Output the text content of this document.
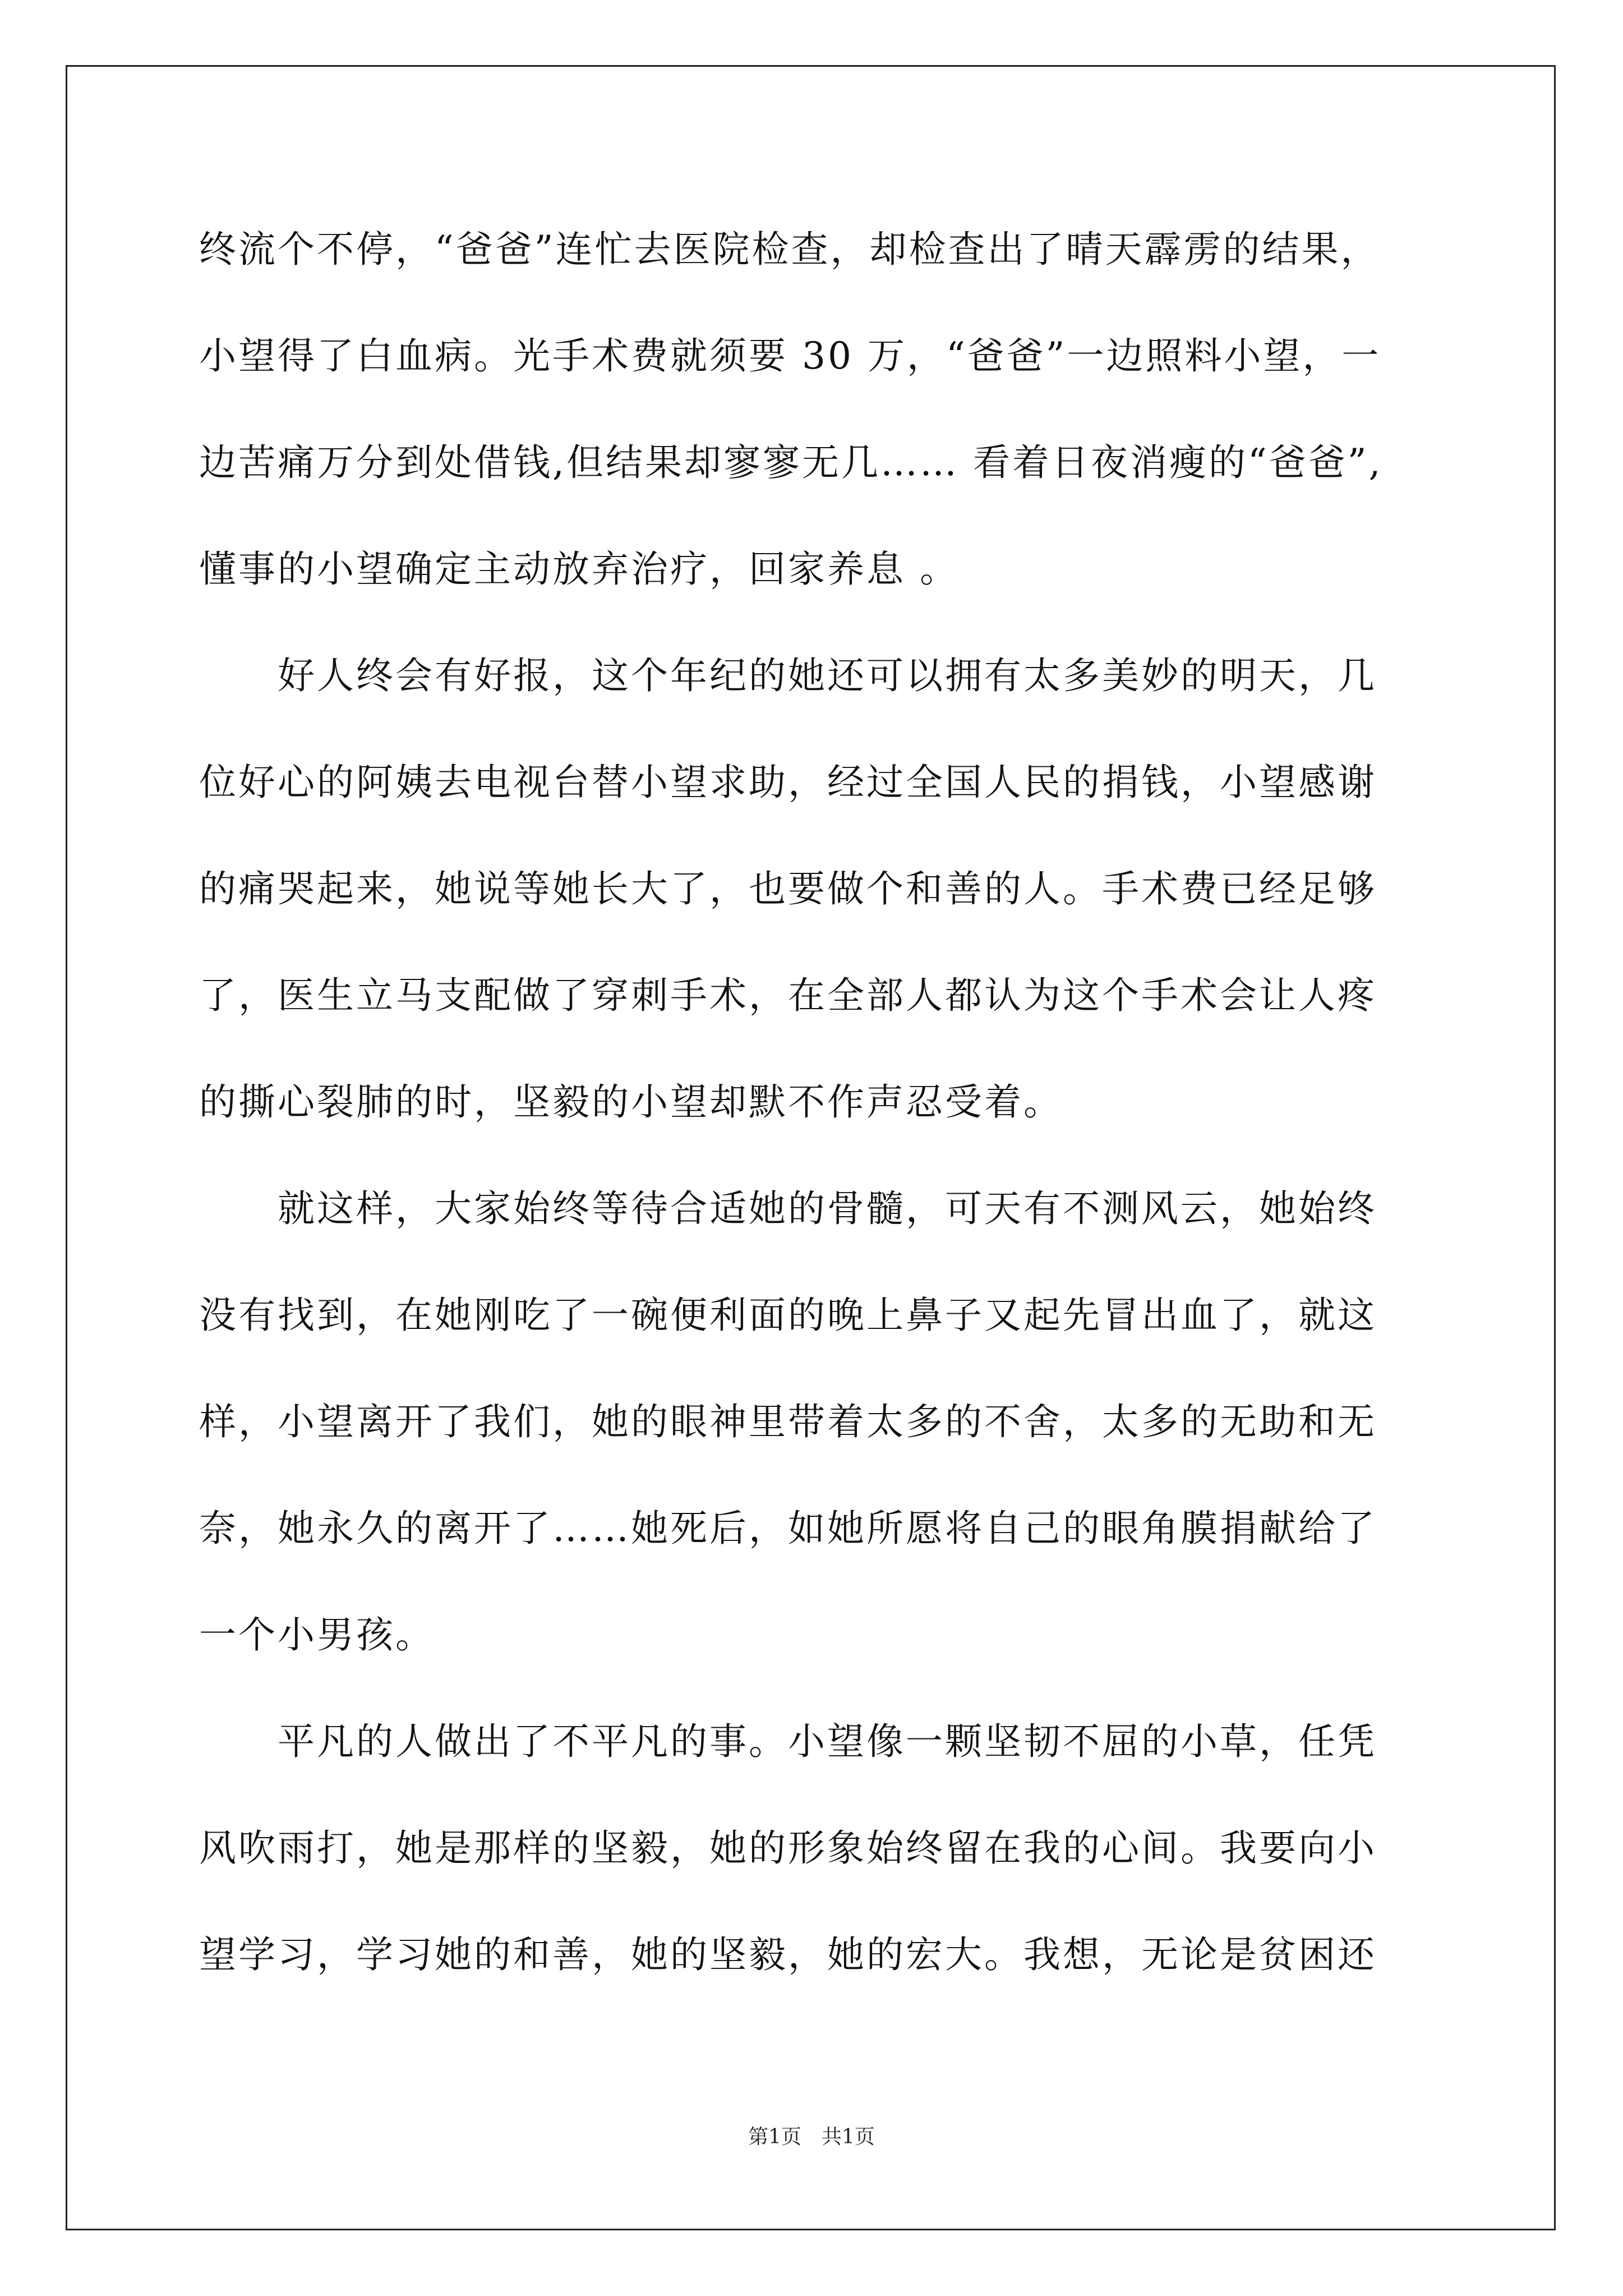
终流个不停，“爸爸”连忙去医院检查，却检查出了晴天霹雳的结果，
小望得了白血病。光手术费就须要 30 万，“爸爸”一边照料小望，一
边苦痛万分到处借钱,但结果却寥寥无几…… 看着日夜消瘦的“爸爸”,
懂事的小望确定主动放弃治疗，回家养息 。
　　好人终会有好报，这个年纪的她还可以拥有太多美妙的明天，几
位好心的阿姨去电视台替小望求助，经过全国人民的捐钱，小望感谢
的痛哭起来，她说等她长大了，也要做个和善的人。手术费已经足够
了，医生立马支配做了穿刺手术，在全部人都认为这个手术会让人疼
的撕心裂肺的时，坚毅的小望却默不作声忍受着。
　　就这样，大家始终等待合适她的骨髓，可天有不测风云，她始终
没有找到，在她刚吃了一碗便利面的晚上鼻子又起先冒出血了，就这
样，小望离开了我们，她的眼神里带着太多的不舍，太多的无助和无
奈，她永久的离开了……她死后，如她所愿将自己的眼角膜捐献给了
一个小男孩。
　　平凡的人做出了不平凡的事。小望像一颗坚韧不屈的小草，任凭
风吹雨打，她是那样的坚毅，她的形象始终留在我的心间。我要向小
望学习，学习她的和善，她的坚毅，她的宏大。我想，无论是贫困还
第1页　共1页
